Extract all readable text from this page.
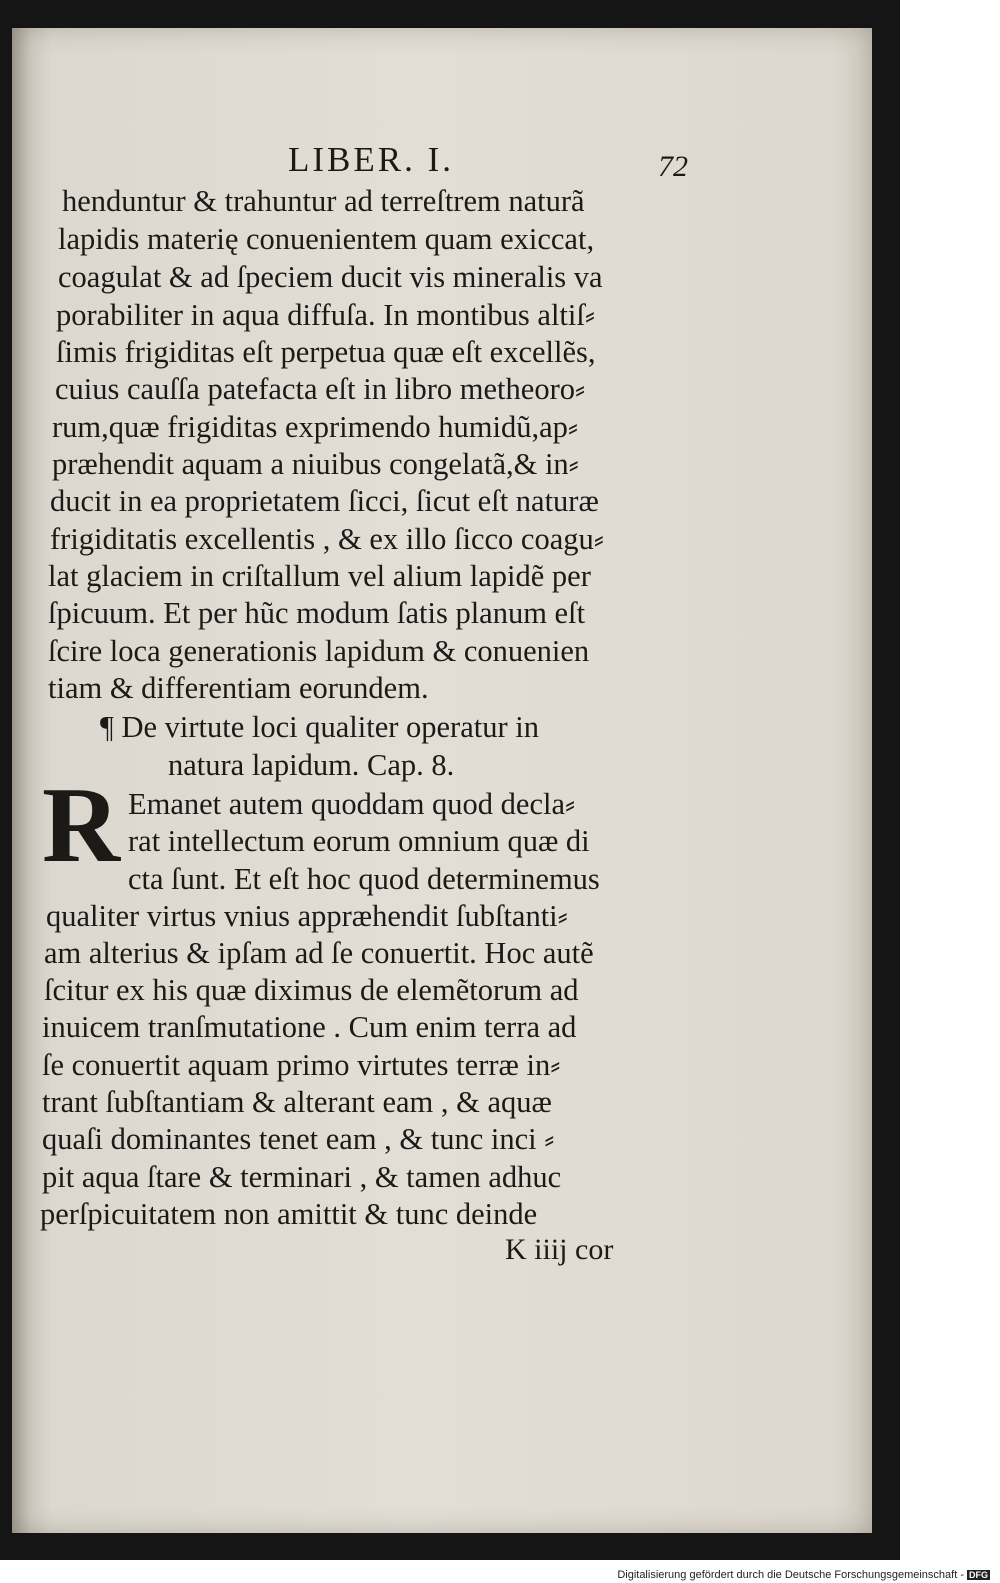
LIBER. I.	72
henduntur & trahuntur ad terreſtrem naturã
lapidis materię conuenientem quam exiccat,
coagulat & ad ſpeciem ducit vis mineralis va
porabiliter in aqua diffuſa. In montibus altiſ⸗
ſimis frigiditas eſt perpetua quæ eſt excellẽs,
cuius cauſſa patefacta eſt in libro metheoro⸗
rum,quæ frigiditas exprimendo humidũ,ap⸗
præhendit aquam a niuibus congelatã,& in⸗
ducit in ea proprietatem ſicci, ſicut eſt naturæ
frigiditatis excellentis , & ex illo ſicco coagu⸗
lat glaciem in criſtallum vel alium lapidẽ per
ſpicuum. Et per hũc modum ſatis planum eſt
ſcire loca generationis lapidum & conuenien
tiam & differentiam eorundem.
¶ De virtute loci qualiter operatur in
natura lapidum. Cap. 8.
R Emanet autem quoddam quod decla⸗
rat intellectum eorum omnium quæ di
cta ſunt. Et eſt hoc quod determinemus
qualiter virtus vnius appræhendit ſubſtanti⸗
am alterius & ipſam ad ſe conuertit. Hoc autẽ
ſcitur ex his quæ diximus de elemẽtorum ad
inuicem tranſmutatione . Cum enim terra ad
ſe conuertit aquam primo virtutes terræ in⸗
trant ſubſtantiam & alterant eam , & aquæ
quaſi dominantes tenet eam , & tunc inci ⸗
pit aqua ſtare & terminari , & tamen adhuc
perſpicuitatem non amittit & tunc deinde
K iiij cor
Digitalisierung gefördert durch die Deutsche Forschungsgemeinschaft - DFG
